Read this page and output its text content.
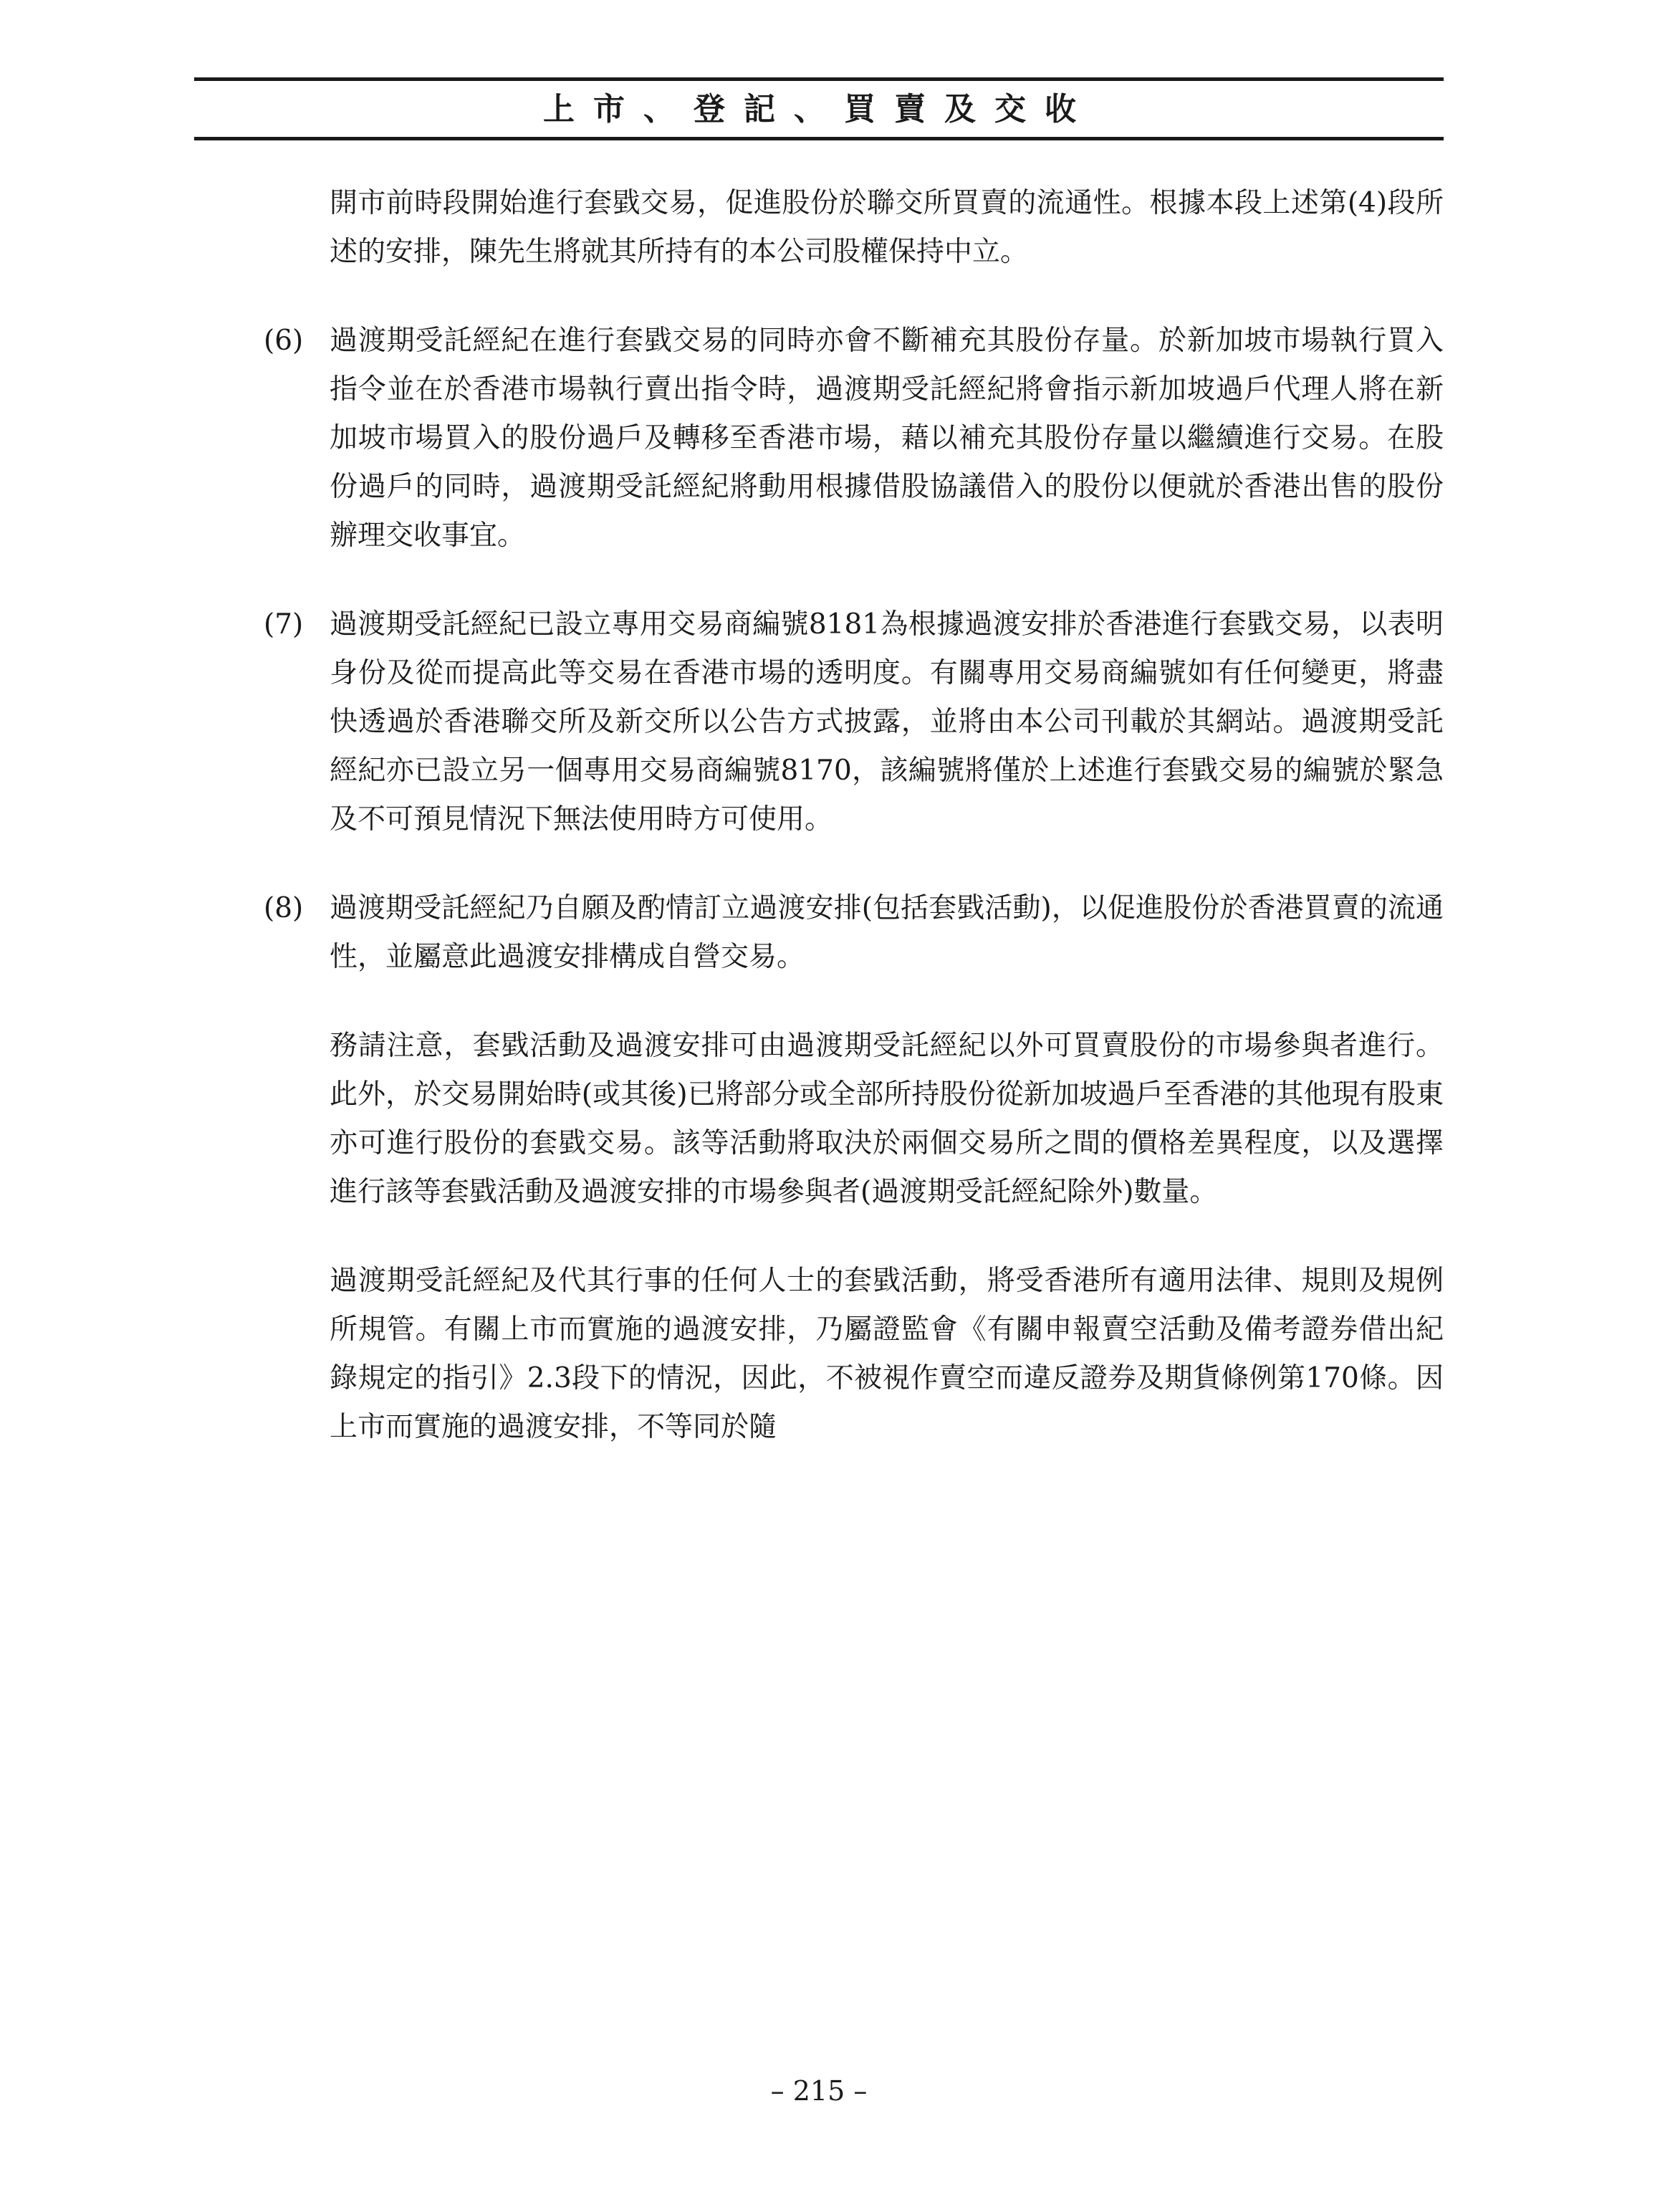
上市、登記、買賣及交收

開市前時段開始進行套戥交易，促進股份於聯交所買賣的流通性。根據本段上述第(4)段所述的安排，陳先生將就其所持有的本公司股權保持中立。

(6) 過渡期受託經紀在進行套戥交易的同時亦會不斷補充其股份存量。於新加坡市場執行買入指令並在於香港市場執行賣出指令時，過渡期受託經紀將會指示新加坡過戶代理人將在新加坡市場買入的股份過戶及轉移至香港市場，藉以補充其股份存量以繼續進行交易。在股份過戶的同時，過渡期受託經紀將動用根據借股協議借入的股份以便就於香港出售的股份辦理交收事宜。

(7) 過渡期受託經紀已設立專用交易商編號8181為根據過渡安排於香港進行套戥交易，以表明身份及從而提高此等交易在香港市場的透明度。有關專用交易商編號如有任何變更，將盡快透過於香港聯交所及新交所以公告方式披露，並將由本公司刊載於其網站。過渡期受託經紀亦已設立另一個專用交易商編號8170，該編號將僅於上述進行套戥交易的編號於緊急及不可預見情況下無法使用時方可使用。

(8) 過渡期受託經紀乃自願及酌情訂立過渡安排(包括套戥活動)，以促進股份於香港買賣的流通性，並屬意此過渡安排構成自營交易。

務請注意，套戥活動及過渡安排可由過渡期受託經紀以外可買賣股份的市場參與者進行。此外，於交易開始時(或其後)已將部分或全部所持股份從新加坡過戶至香港的其他現有股東亦可進行股份的套戥交易。該等活動將取決於兩個交易所之間的價格差異程度，以及選擇進行該等套戥活動及過渡安排的市場參與者(過渡期受託經紀除外)數量。

過渡期受託經紀及代其行事的任何人士的套戥活動，將受香港所有適用法律、規則及規例所規管。有關上市而實施的過渡安排，乃屬證監會《有關申報賣空活動及備考證券借出紀錄規定的指引》2.3段下的情況，因此，不被視作賣空而違反證券及期貨條例第170條。因上市而實施的過渡安排，不等同於隨

– 215 –
